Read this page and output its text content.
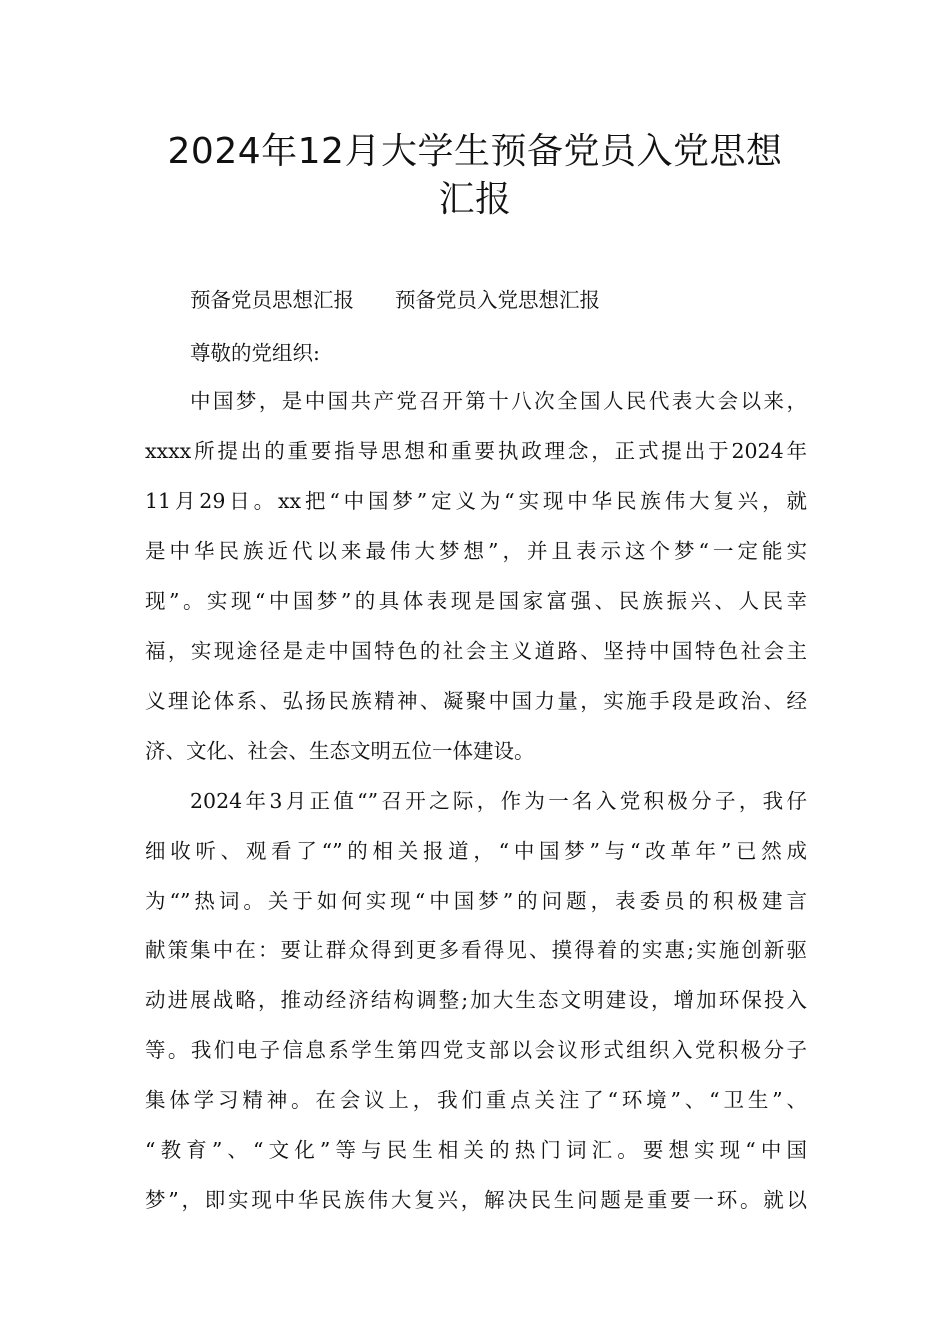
2024年12月大学生预备党员入党思想
汇报
预备党员思想汇报　　预备党员入党思想汇报
尊敬的党组织:
中国梦，是中国共产党召开第十八次全国人民代表大会以来，
xxxx所提出的重要指导思想和重要执政理念，正式提出于2024年
11月29日。xx把“中国梦”定义为“实现中华民族伟大复兴，就
是中华民族近代以来最伟大梦想”，并且表示这个梦“一定能实
现”。实现“中国梦”的具体表现是国家富强、民族振兴、人民幸
福，实现途径是走中国特色的社会主义道路、坚持中国特色社会主
义理论体系、弘扬民族精神、凝聚中国力量，实施手段是政治、经
济、文化、社会、生态文明五位一体建设。
2024年3月正值“”召开之际，作为一名入党积极分子，我仔
细收听、观看了“”的相关报道，“中国梦”与“改革年”已然成
为“”热词。关于如何实现“中国梦”的问题，表委员的积极建言
献策集中在：要让群众得到更多看得见、摸得着的实惠;实施创新驱
动进展战略，推动经济结构调整;加大生态文明建设，增加环保投入
等。我们电子信息系学生第四党支部以会议形式组织入党积极分子
集体学习精神。在会议上，我们重点关注了“环境”、“卫生”、
“教育”、“文化”等与民生相关的热门词汇。要想实现“中国
梦”，即实现中华民族伟大复兴，解决民生问题是重要一环。就以
